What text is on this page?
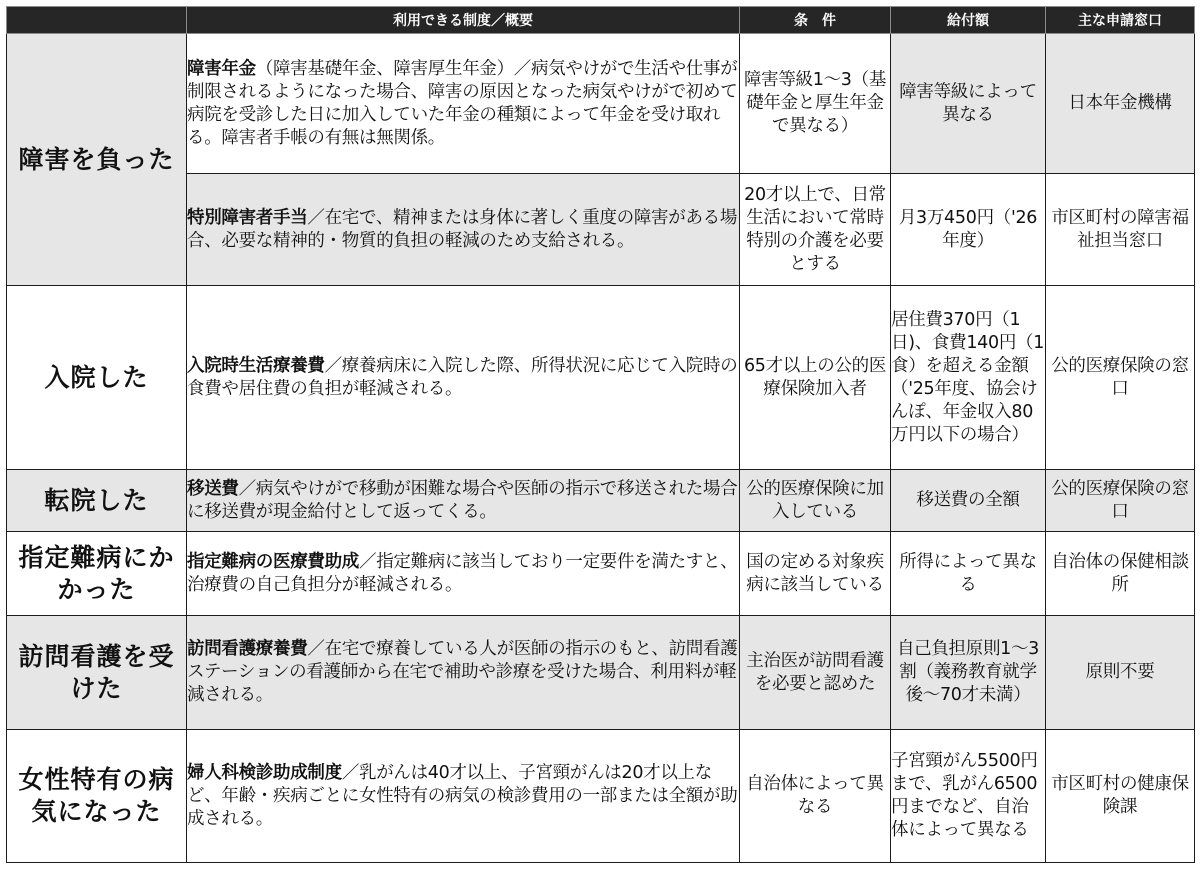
	利用できる制度／概要	条　件	給付額	主な申請窓口
障害を負った	障害年金（障害基礎年金、障害厚生年金）／病気やけがで生活や仕事が制限されるようになった場合、障害の原因となった病気やけがで初めて病院を受診した日に加入していた年金の種類によって年金を受け取れる。障害者手帳の有無は無関係。	障害等級1～3（基礎年金と厚生年金で異なる）	障害等級によって異なる	日本年金機構
	特別障害者手当／在宅で、精神または身体に著しく重度の障害がある場合、必要な精神的・物質的負担の軽減のため支給される。	20才以上で、日常生活において常時特別の介護を必要とする	月3万450円（'26年度）	市区町村の障害福祉担当窓口
入院した	入院時生活療養費／療養病床に入院した際、所得状況に応じて入院時の食費や居住費の負担が軽減される。	65才以上の公的医療保険加入者	居住費370円（1日)、食費140円（1食）を超える金額（'25年度、協会けんぽ、年金収入80万円以下の場合）	公的医療保険の窓口
転院した	移送費／病気やけがで移動が困難な場合や医師の指示で移送された場合に移送費が現金給付として返ってくる。	公的医療保険に加入している	移送費の全額	公的医療保険の窓口
指定難病にかかった	指定難病の医療費助成／指定難病に該当しており一定要件を満たすと、治療費の自己負担分が軽減される。	国の定める対象疾病に該当している	所得によって異なる	自治体の保健相談所
訪問看護を受けた	訪問看護療養費／在宅で療養している人が医師の指示のもと、訪問看護ステーションの看護師から在宅で補助や診療を受けた場合、利用料が軽減される。	主治医が訪問看護を必要と認めた	自己負担原則1～3割（義務教育就学後～70才未満）	原則不要
女性特有の病気になった	婦人科検診助成制度／乳がんは40才以上、子宮頸がんは20才以上など、年齢・疾病ごとに女性特有の病気の検診費用の一部または全額が助成される。	自治体によって異なる	子宮頸がん5500円まで、乳がん6500円までなど、自治体によって異なる	市区町村の健康保険課
